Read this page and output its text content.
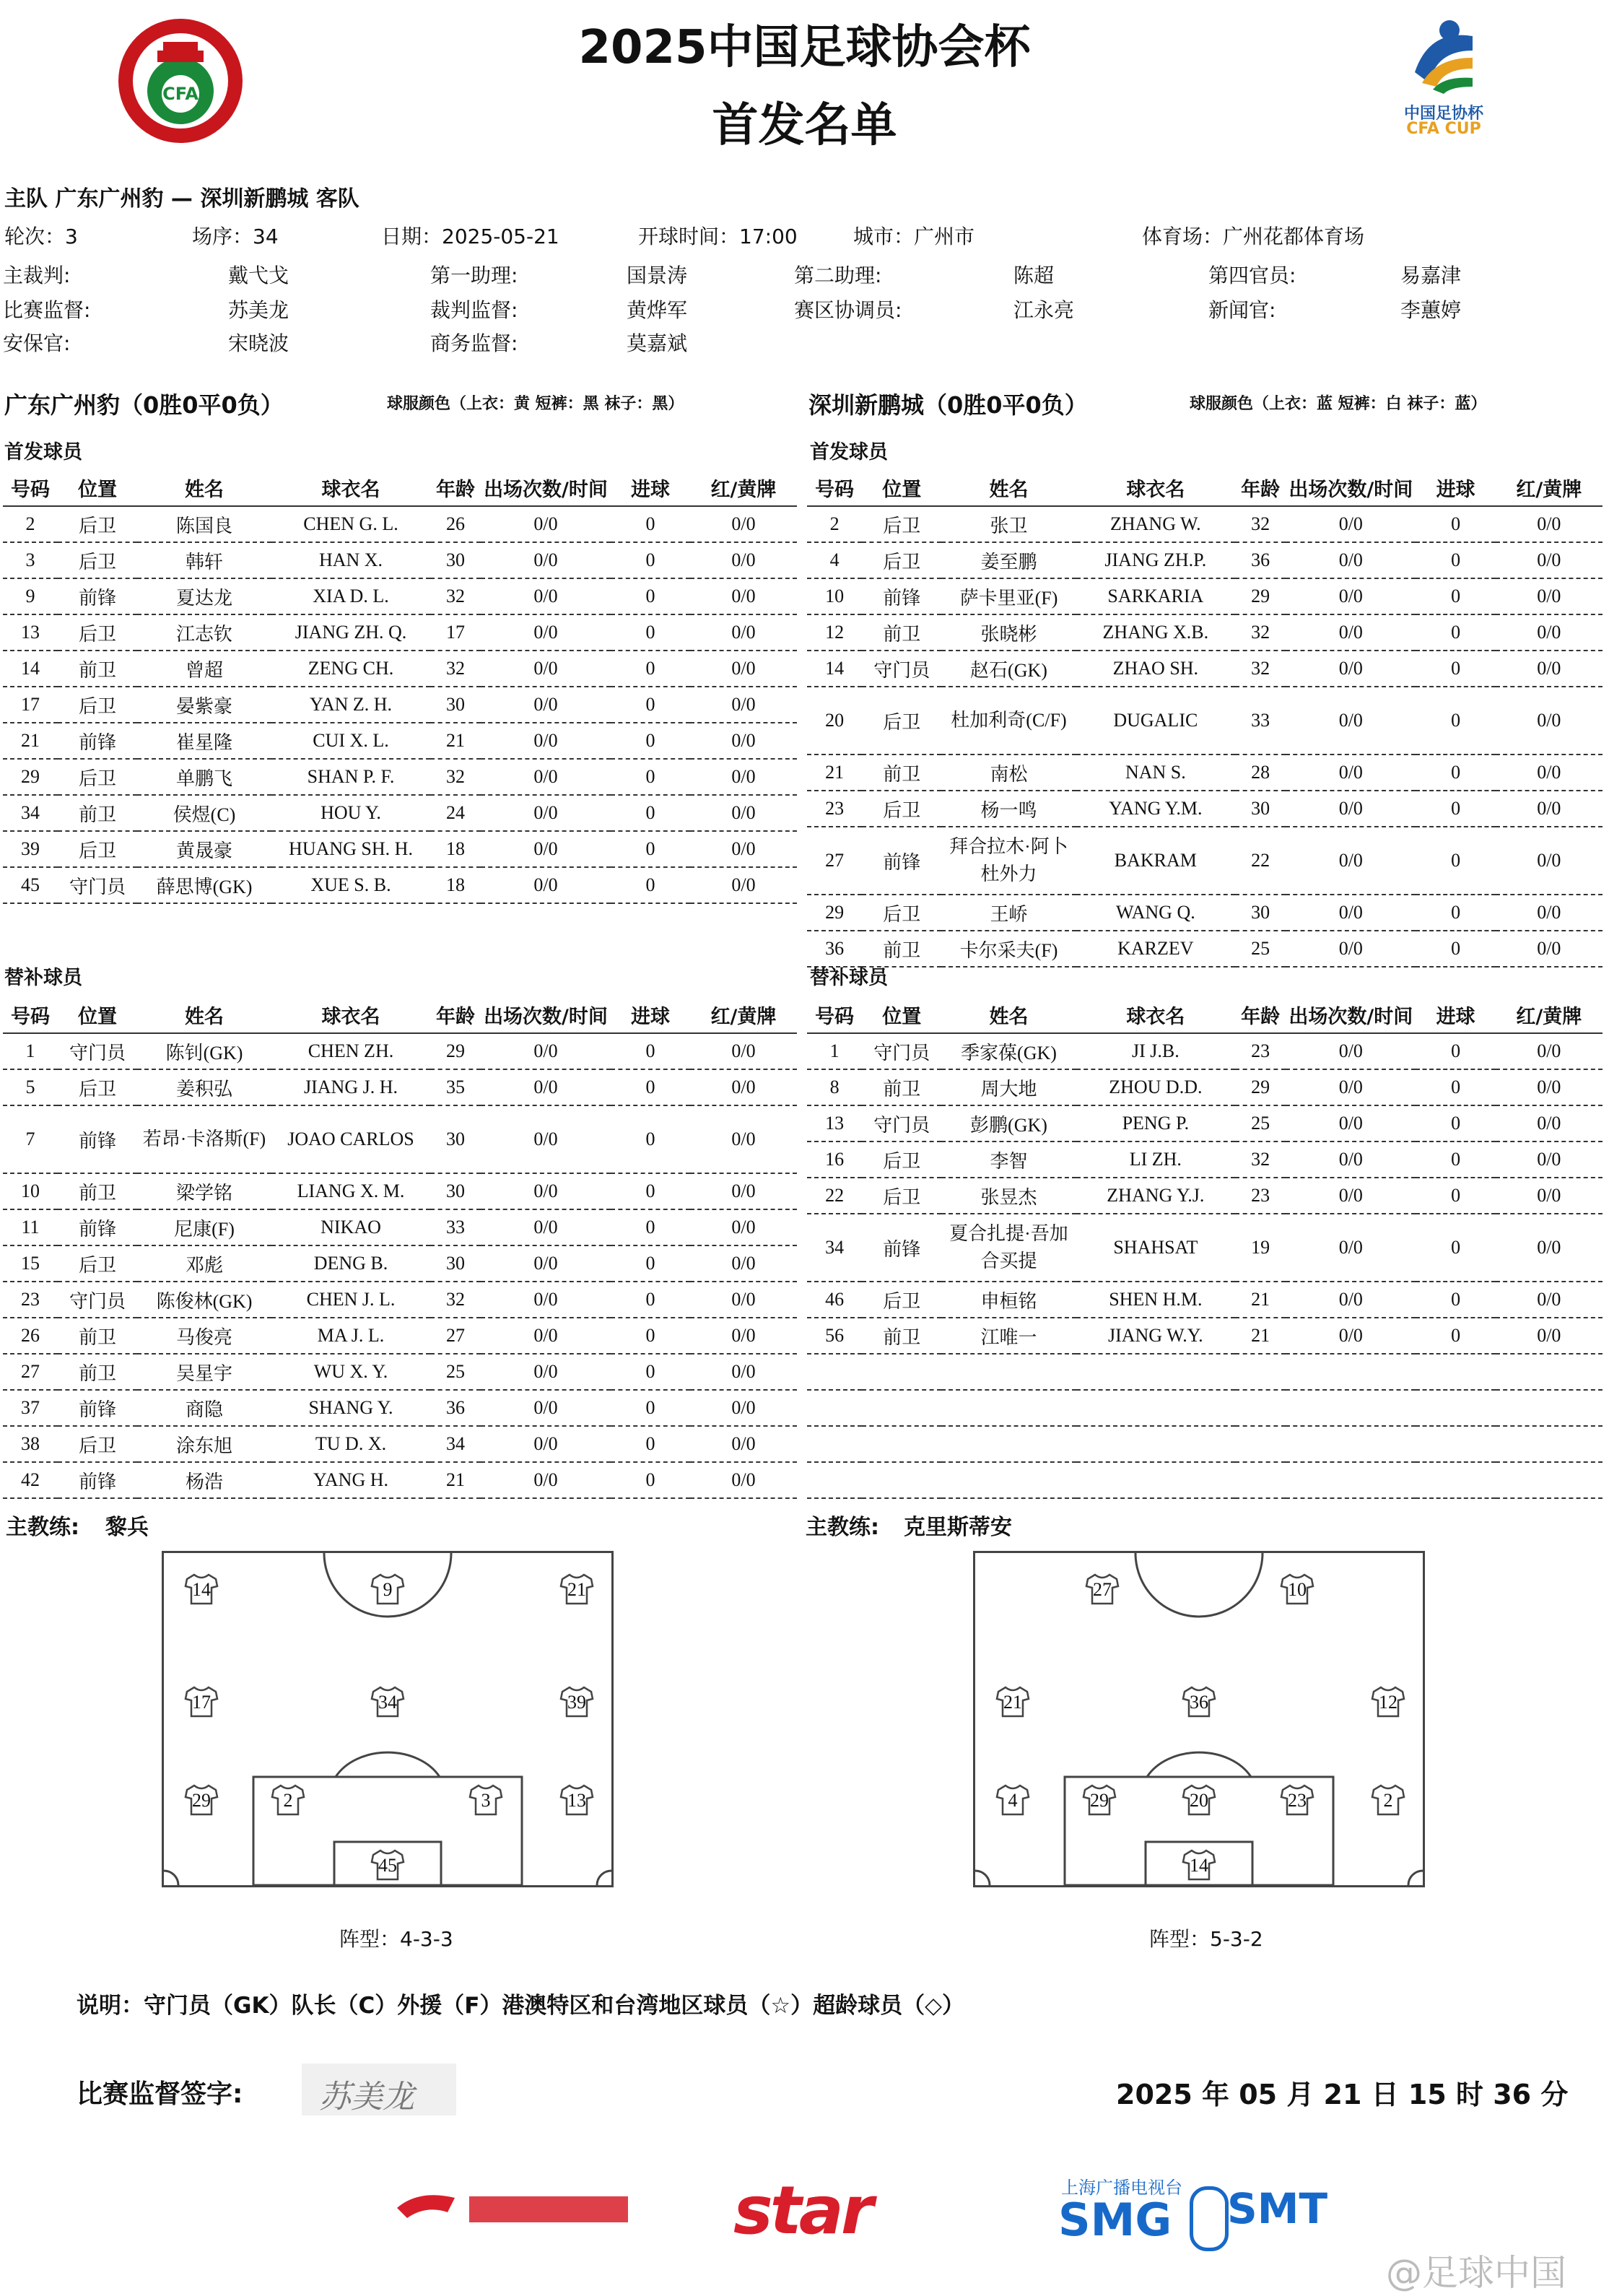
CFA
2025中国足球协会杯
首发名单	中国足协杯
CFA CUP
主队 广东广州豹 — 深圳新鹏城 客队
轮次：3	场序：34	日期：2025-05-21	开球时间：17:00	城市：广州市	体育场：广州花都体育场
主裁判:	戴弋戈	第一助理:	国景涛	第二助理:	陈超	第四官员:	易嘉津
比赛监督:	苏美龙	裁判监督:	黄烨军	赛区协调员:	江永亮	新闻官:	李蕙婷
安保官:	宋晓波	商务监督:	莫嘉斌
广东广州豹（0胜0平0负）	球服颜色（上衣：黄 短裤：黑 袜子：黑）	深圳新鹏城（0胜0平0负）	球服颜色（上衣：蓝 短裤：白 袜子：蓝）
首发球员	首发球员
号码	位置	姓名	球衣名	年龄	出场次数/时间	进球	红/黄牌
2	后卫	陈国良	CHEN G. L.	26	0/0	0	0/0
3	后卫	韩轩	HAN X.	30	0/0	0	0/0
9	前锋	夏达龙	XIA D. L.	32	0/0	0	0/0
13	后卫	江志钦	JIANG ZH. Q.	17	0/0	0	0/0
14	前卫	曾超	ZENG CH.	32	0/0	0	0/0
17	后卫	晏紫豪	YAN Z. H.	30	0/0	0	0/0
21	前锋	崔星隆	CUI X. L.	21	0/0	0	0/0
29	后卫	单鹏飞	SHAN P. F.	32	0/0	0	0/0
34	前卫	侯煜(C)	HOU Y.	24	0/0	0	0/0
39	后卫	黄晟豪	HUANG SH. H.	18	0/0	0	0/0
45	守门员	薛思博(GK)	XUE S. B.	18	0/0	0	0/0
号码	位置	姓名	球衣名	年龄	出场次数/时间	进球	红/黄牌
2	后卫	张卫	ZHANG W.	32	0/0	0	0/0
4	后卫	姜至鹏	JIANG ZH.P.	36	0/0	0	0/0
10	前锋	萨卡里亚(F)	SARKARIA	29	0/0	0	0/0
12	前卫	张晓彬	ZHANG X.B.	32	0/0	0	0/0
14	守门员	赵石(GK)	ZHAO SH.	32	0/0	0	0/0
20	后卫	杜加利奇(C/F)	DUGALIC	33	0/0	0	0/0
21	前卫	南松	NAN S.	28	0/0	0	0/0
23	后卫	杨一鸣	YANG Y.M.	30	0/0	0	0/0
27	前锋	拜合拉木·阿卜杜外力	BAKRAM	22	0/0	0	0/0
29	后卫	王峤	WANG Q.	30	0/0	0	0/0
36	前卫	卡尔采夫(F)	KARZEV	25	0/0	0	0/0
替补球员	替补球员
号码	位置	姓名	球衣名	年龄	出场次数/时间	进球	红/黄牌
1	守门员	陈钊(GK)	CHEN ZH.	29	0/0	0	0/0
5	后卫	姜积弘	JIANG J. H.	35	0/0	0	0/0
7	前锋	若昂·卡洛斯(F)	JOAO CARLOS	30	0/0	0	0/0
10	前卫	梁学铭	LIANG X. M.	30	0/0	0	0/0
11	前锋	尼康(F)	NIKAO	33	0/0	0	0/0
15	后卫	邓彪	DENG B.	30	0/0	0	0/0
23	守门员	陈俊林(GK)	CHEN J. L.	32	0/0	0	0/0
26	前卫	马俊亮	MA J. L.	27	0/0	0	0/0
27	前卫	吴星宇	WU X. Y.	25	0/0	0	0/0
37	前锋	商隐	SHANG Y.	36	0/0	0	0/0
38	后卫	涂东旭	TU D. X.	34	0/0	0	0/0
42	前锋	杨浩	YANG H.	21	0/0	0	0/0
号码	位置	姓名	球衣名	年龄	出场次数/时间	进球	红/黄牌
1	守门员	季家葆(GK)	JI J.B.	23	0/0	0	0/0
8	前卫	周大地	ZHOU D.D.	29	0/0	0	0/0
13	守门员	彭鹏(GK)	PENG P.	25	0/0	0	0/0
16	后卫	李智	LI ZH.	32	0/0	0	0/0
22	后卫	张昱杰	ZHANG Y.J.	23	0/0	0	0/0
34	前锋	夏合扎提·吾加合买提	SHAHSAT	19	0/0	0	0/0
46	后卫	申桓铭	SHEN H.M.	21	0/0	0	0/0
56	前卫	江唯一	JIANG W.Y.	21	0/0	0	0/0

主教练: 黎兵	主教练: 克里斯蒂安
14	9	21
17	34	39
29	2	3	13
45
27	10
21	36	12
4	29	20	23	2
14
阵型：4-3-3	阵型：5-3-2
说明：守门员（GK）队长（C）外援（F）港澳特区和台湾地区球员（☆）超龄球员（◇）
比赛监督签字: 苏美龙	2025 年 05 月 21 日 15 时 36 分
star	上海广播电视台
SMG SMT
@足球中国
